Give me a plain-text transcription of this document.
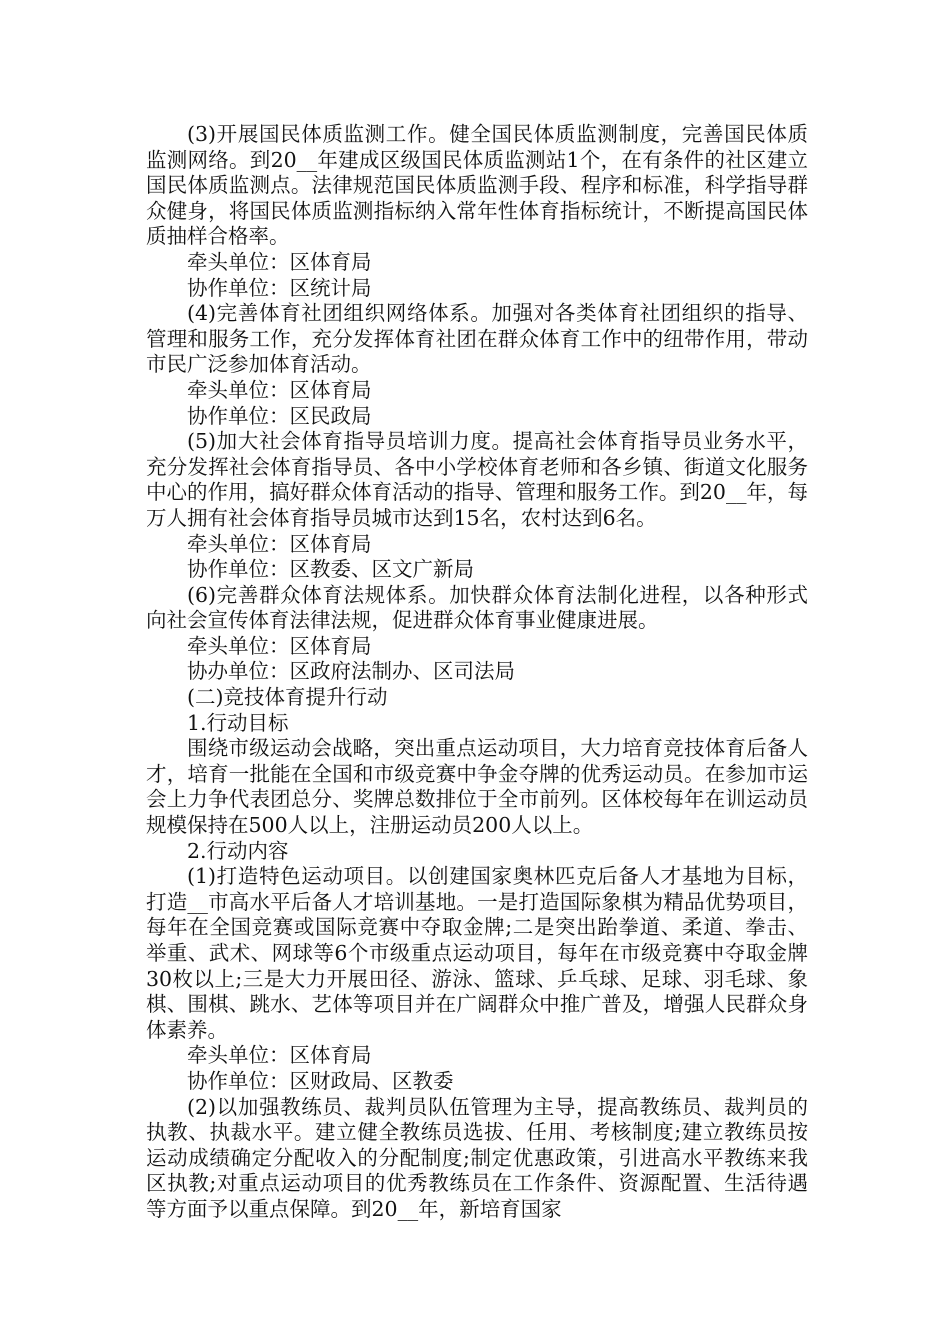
(3)开展国民体质监测工作。健全国民体质监测制度，完善国民体质监测网络。到20__年建成区级国民体质监测站1个，在有条件的社区建立国民体质监测点。法律规范国民体质监测手段、程序和标准，科学指导群众健身，将国民体质监测指标纳入常年性体育指标统计，不断提高国民体质抽样合格率。

牵头单位：区体育局

协作单位：区统计局

(4)完善体育社团组织网络体系。加强对各类体育社团组织的指导、管理和服务工作，充分发挥体育社团在群众体育工作中的纽带作用，带动市民广泛参加体育活动。

牵头单位：区体育局

协作单位：区民政局

(5)加大社会体育指导员培训力度。提高社会体育指导员业务水平，充分发挥社会体育指导员、各中小学校体育老师和各乡镇、街道文化服务中心的作用，搞好群众体育活动的指导、管理和服务工作。到20__年，每万人拥有社会体育指导员城市达到15名，农村达到6名。

牵头单位：区体育局

协作单位：区教委、区文广新局

(6)完善群众体育法规体系。加快群众体育法制化进程，以各种形式向社会宣传体育法律法规，促进群众体育事业健康进展。

牵头单位：区体育局

协办单位：区政府法制办、区司法局

(二)竞技体育提升行动

1.行动目标

围绕市级运动会战略，突出重点运动项目，大力培育竞技体育后备人才，培育一批能在全国和市级竞赛中争金夺牌的优秀运动员。在参加市运会上力争代表团总分、奖牌总数排位于全市前列。区体校每年在训运动员规模保持在500人以上，注册运动员200人以上。

2.行动内容

(1)打造特色运动项目。以创建国家奥林匹克后备人才基地为目标，打造__市高水平后备人才培训基地。一是打造国际象棋为精品优势项目，每年在全国竞赛或国际竞赛中夺取金牌;二是突出跆拳道、柔道、拳击、举重、武术、网球等6个市级重点运动项目，每年在市级竞赛中夺取金牌30枚以上;三是大力开展田径、游泳、篮球、乒乓球、足球、羽毛球、象棋、围棋、跳水、艺体等项目并在广阔群众中推广普及，增强人民群众身体素养。

牵头单位：区体育局

协作单位：区财政局、区教委

(2)以加强教练员、裁判员队伍管理为主导，提高教练员、裁判员的执教、执裁水平。建立健全教练员选拔、任用、考核制度;建立教练员按运动成绩确定分配收入的分配制度;制定优惠政策，引进高水平教练来我区执教;对重点运动项目的优秀教练员在工作条件、资源配置、生活待遇等方面予以重点保障。到20__年，新培育国家
